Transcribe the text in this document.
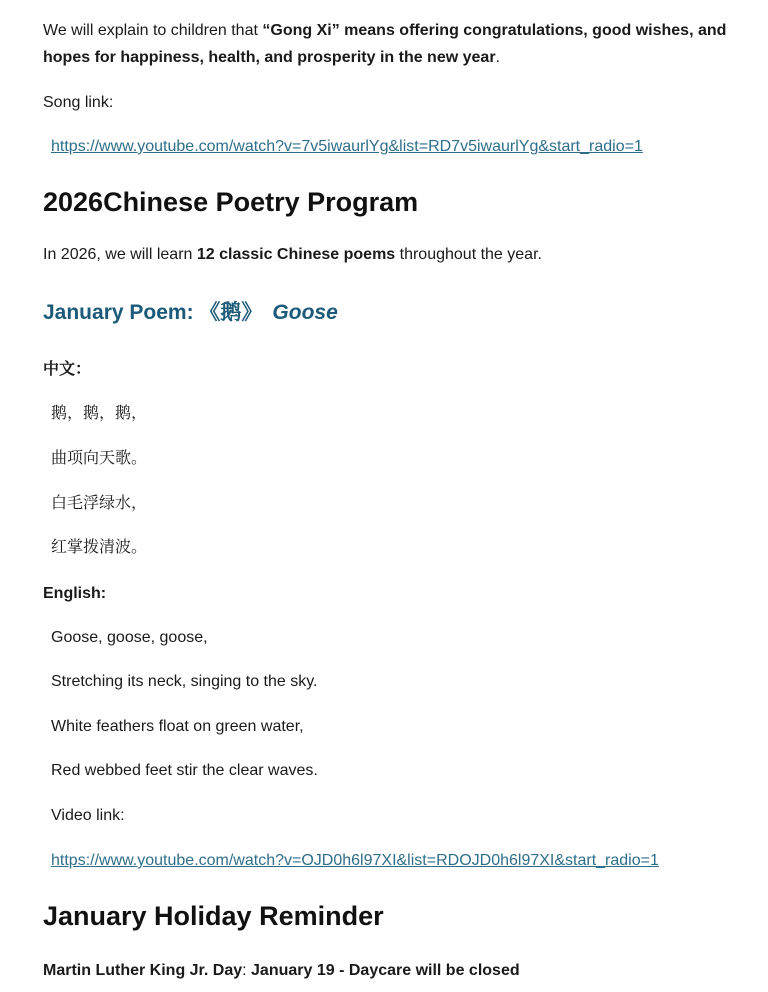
We will explain to children that “Gong Xi” means offering congratulations, good wishes, and hopes for happiness, health, and prosperity in the new year.

Song link:

https://www.youtube.com/watch?v=7v5iwaurlYg&list=RD7v5iwaurlYg&start_radio=1
2026Chinese Poetry Program

In 2026, we will learn 12 classic Chinese poems throughout the year.

January Poem: 《鹅》 Goose

中文：

鹅，鹅，鹅，

曲项向天歌。

白毛浮绿水，

红掌拨清波。

English:

Goose, goose, goose,

Stretching its neck, singing to the sky.

White feathers float on green water,

Red webbed feet stir the clear waves.

Video link:

https://www.youtube.com/watch?v=OJD0h6l97XI&list=RDOJD0h6l97XI&start_radio=1
January Holiday Reminder

Martin Luther King Jr. Day: January 19 - Daycare will be closed
